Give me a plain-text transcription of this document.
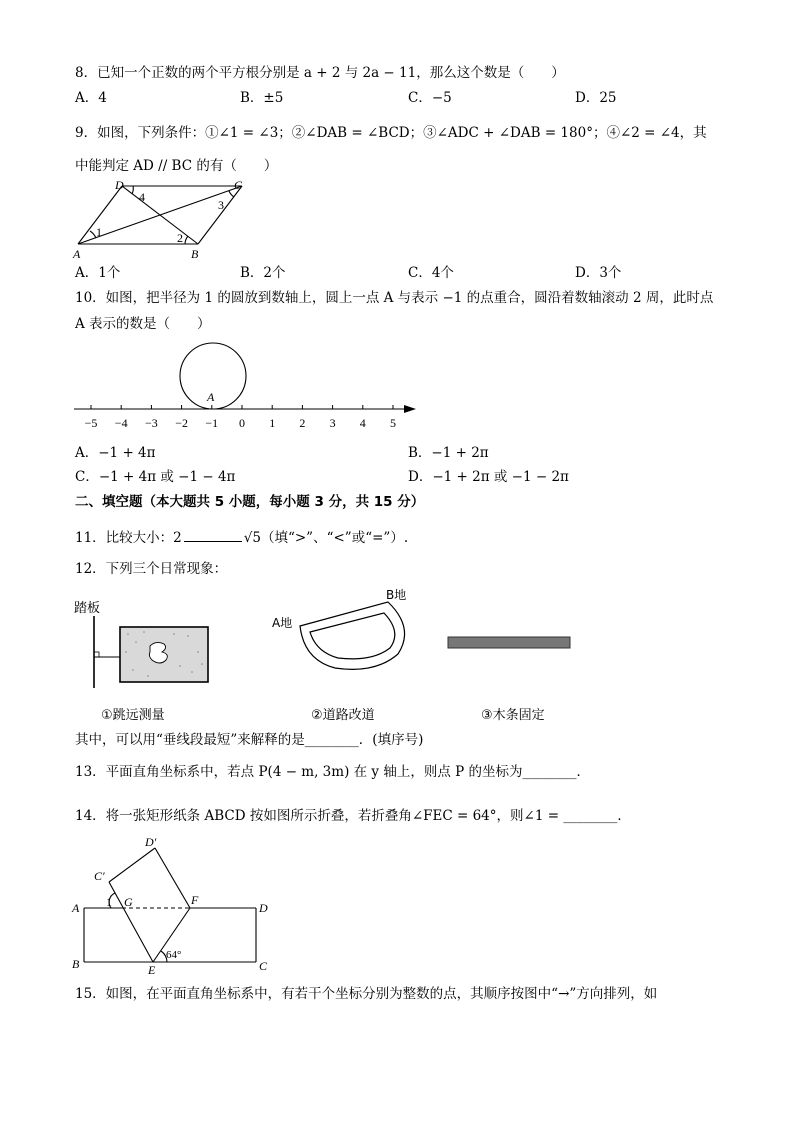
8．已知一个正数的两个平方根分别是 a + 2 与 2a − 11，那么这个数是（　　）
A．4	B．±5	C．−5	D．25
9．如图，下列条件：①∠1 = ∠3；②∠DAB = ∠BCD；③∠ADC + ∠DAB = 180°；④∠2 = ∠4，其
中能判定 AD // BC 的有（　　）
D	C
A	B
1	2
3
4
A．1个	B．2个	C．4个	D．3个
10．如图，把半径为 1 的圆放到数轴上，圆上一点 A 与表示 −1 的点重合，圆沿着数轴滚动 2 周，此时点
A 表示的数是（　　）
−5 −4 −3 −2 −1 0 1 2 3 4 5
A
A．−1 + 4π	B．−1 + 2π
C．−1 + 4π 或 −1 − 4π	D．−1 + 2π 或 −1 − 2π
二、填空题（本大题共 5 小题，每小题 3 分，共 15 分）
11．比较大小：2	√5（填“>”、“<”或“=”）.
12．下列三个日常现象：
踏板
B地
A地
①跳远测量	②道路改道	③木条固定
其中，可以用“垂线段最短”来解释的是________．(填序号)
13．平面直角坐标系中，若点 P(4 − m, 3m) 在 y 轴上，则点 P 的坐标为________．
14．将一张矩形纸条 ABCD 按如图所示折叠，若折叠角∠FEC = 64°，则∠1 = ________．
D′
C′
A 1 G	F
D
B	E	C
64°
15．如图，在平面直角坐标系中，有若干个坐标分别为整数的点，其顺序按图中“→”方向排列，如
